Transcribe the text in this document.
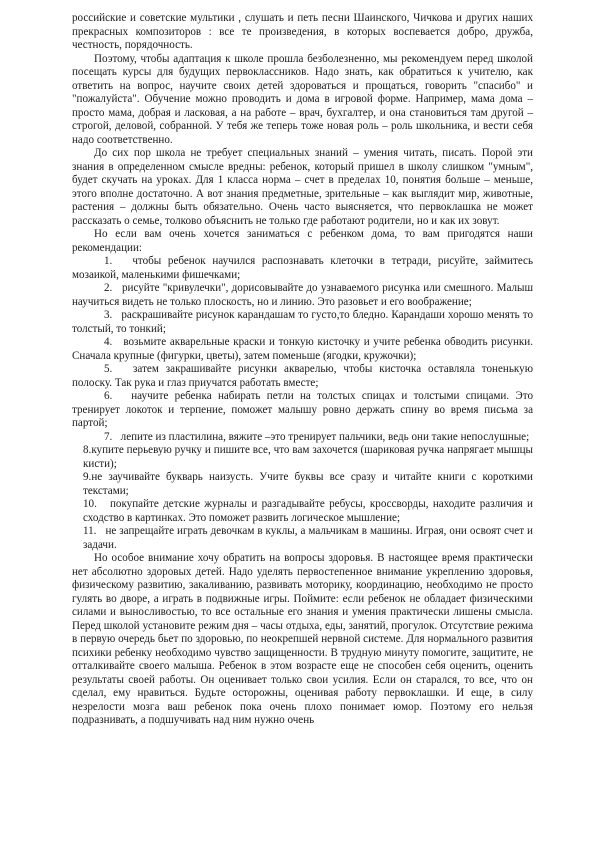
российские и советские мультики , слушать и петь песни Шаинского, Чичкова и других наших прекрасных композиторов : все те произведения, в которых воспевается добро, дружба, честность, порядочность.

Поэтому, чтобы адаптация к школе прошла безболезненно, мы рекомендуем перед школой посещать курсы для будущих первоклассников. Надо знать, как обратиться к учителю, как ответить на вопрос, научите своих детей здороваться и прощаться, говорить "спасибо" и "пожалуйста". Обучение можно проводить и дома в игровой форме. Например, мама дома – просто мама, добрая и ласковая, а на работе – врач, бухгалтер, и она становиться там другой – строгой, деловой, собранной. У тебя же теперь тоже новая роль – роль школьника, и вести себя надо соответственно.

До сих пор школа не требует специальных знаний – умения читать, писать. Порой эти знания в определенном смысле вредны: ребенок, который пришел в школу слишком "умным", будет скучать на уроках. Для 1 класса норма – счет в пределах 10, понятия больше – меньше, этого вполне достаточно. А вот знания предметные, зрительные – как выглядит мир, животные, растения – должны быть обязательно. Очень часто выясняется, что первоклашка не может рассказать о семье, толково объяснить не только где работают родители, но и как их зовут.

Но если вам очень хочется заниматься с ребенком дома, то вам пригодятся наши рекомендации:

1. чтобы ребенок научился распознавать клеточки в тетради, рисуйте, займитесь мозаикой, маленькими фишечками;

2. рисуйте "кривулечки", дорисовывайте до узнаваемого рисунка или смешного. Малыш научиться видеть не только плоскость, но и линию. Это разовьет и его воображение;

3. раскрашивайте рисунок карандашам то густо,то бледно. Карандаши хорошо менять то толстый, то тонкий;

4. возьмите акварельные краски и тонкую кисточку и учите ребенка обводить рисунки. Сначала крупные (фигурки, цветы), затем поменьше (ягодки, кружочки);

5. затем закрашивайте рисунки акварелью, чтобы кисточка оставляла тоненькую полоску. Так рука и глаз приучатся работать вместе;

6. научите ребенка набирать петли на толстых спицах и толстыми спицами. Это тренирует локоток и терпение, поможет малышу ровно держать спину во время письма за партой;

7. лепите из пластилина, вяжите –это тренирует пальчики, ведь они такие непослушные;

8.купите перьевую ручку и пишите все, что вам захочется (шариковая ручка напрягает мышцы кисти);

9.не заучивайте букварь наизусть. Учите буквы все сразу и читайте книги с короткими текстами;

10. покупайте детские журналы и разгадывайте ребусы, кроссворды, находите различия и сходство в картинках. Это поможет развить логическое мышление;

11. не запрещайте играть девочкам в куклы, а мальчикам в машины. Играя, они освоят счет и задачи.

Но особое внимание хочу обратить на вопросы здоровья. В настоящее время практически нет абсолютно здоровых детей. Надо уделять первостепенное внимание укреплению здоровья, физическому развитию, закаливанию, развивать моторику, координацию, необходимо не просто гулять во дворе, а играть в подвижные игры. Поймите: если ребенок не обладает физическими силами и выносливостью, то все остальные его знания и умения практически лишены смысла. Перед школой установите режим дня – часы отдыха, еды, занятий, прогулок. Отсутствие режима в первую очередь бьет по здоровью, по неокрепшей нервной системе. Для нормального развития психики ребенку необходимо чувство защищенности. В трудную минуту помогите, защитите, не отталкивайте своего малыша. Ребенок в этом возрасте еще не способен себя оценить, оценить результаты своей работы. Он оценивает только свои усилия. Если он старался, то все, что он сделал, ему нравиться. Будьте осторожны, оценивая работу первоклашки. И еще, в силу незрелости мозга ваш ребенок пока очень плохо понимает юмор. Поэтому его нельзя подразнивать, а подшучивать над ним нужно очень
